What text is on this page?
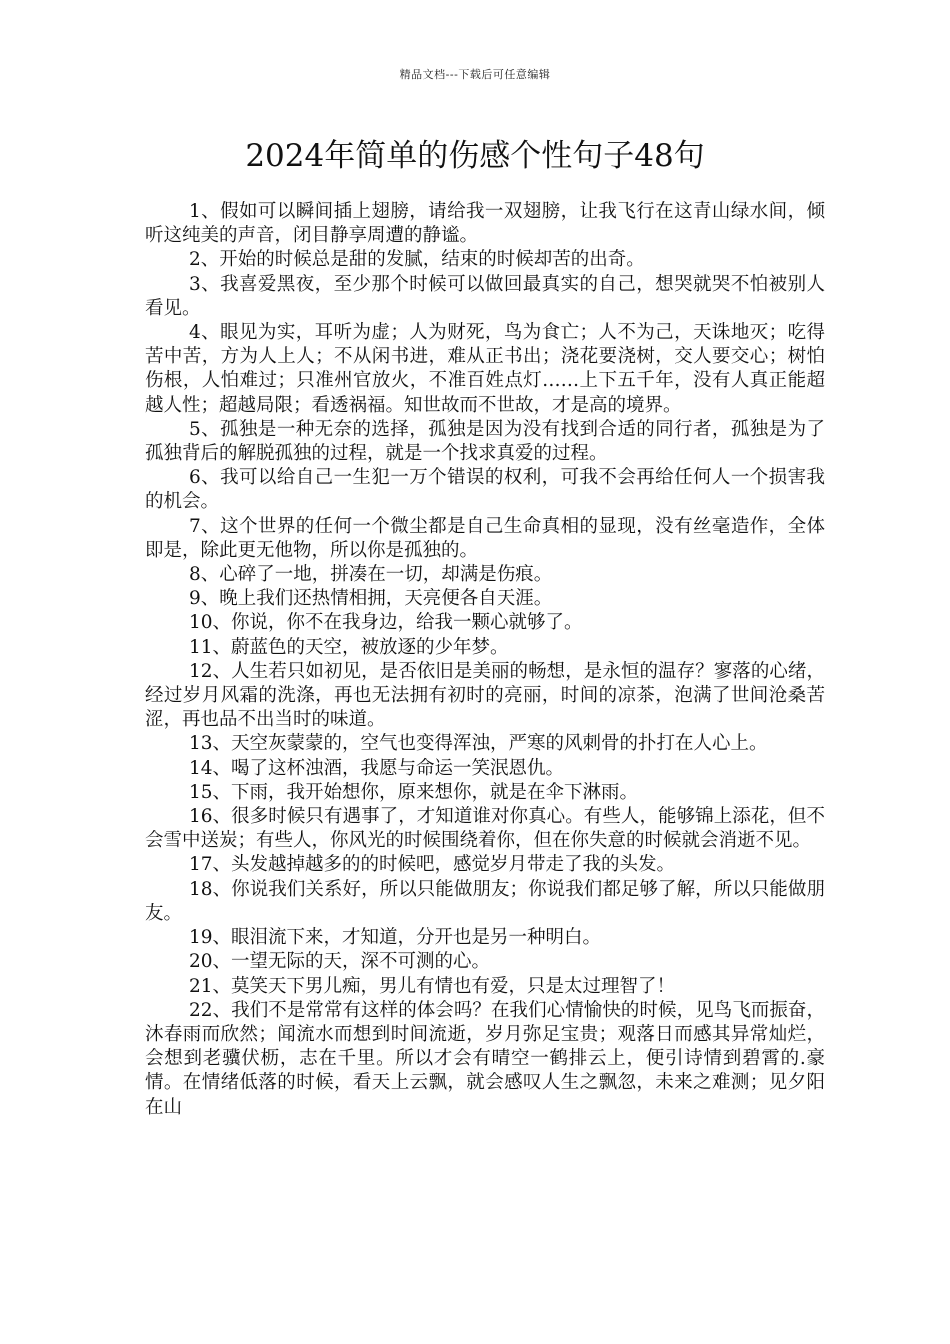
精品文档---下载后可任意编辑
2024年简单的伤感个性句子48句

1、假如可以瞬间插上翅膀，请给我一双翅膀，让我飞行在这青山绿水间，倾听这纯美的声音，闭目静享周遭的静谧。

2、开始的时候总是甜的发腻，结束的时候却苦的出奇。

3、我喜爱黑夜，至少那个时候可以做回最真实的自己，想哭就哭不怕被别人看见。

4、眼见为实，耳听为虚；人为财死，鸟为食亡；人不为己，天诛地灭；吃得苦中苦，方为人上人；不从闲书进，难从正书出；浇花要浇树，交人要交心；树怕伤根，人怕难过；只准州官放火，不准百姓点灯……上下五千年，没有人真正能超越人性；超越局限；看透祸福。知世故而不世故，才是高的境界。

5、孤独是一种无奈的选择，孤独是因为没有找到合适的同行者，孤独是为了孤独背后的解脱孤独的过程，就是一个找求真爱的过程。

6、我可以给自己一生犯一万个错误的权利，可我不会再给任何人一个损害我的机会。

7、这个世界的任何一个微尘都是自己生命真相的显现，没有丝毫造作，全体即是，除此更无他物，所以你是孤独的。

8、心碎了一地，拼凑在一切，却满是伤痕。

9、晚上我们还热情相拥，天亮便各自天涯。

10、你说，你不在我身边，给我一颗心就够了。

11、蔚蓝色的天空，被放逐的少年梦。

12、人生若只如初见，是否依旧是美丽的畅想，是永恒的温存？寥落的心绪，经过岁月风霜的洗涤，再也无法拥有初时的亮丽，时间的凉茶，泡满了世间沧桑苦涩，再也品不出当时的味道。

13、天空灰蒙蒙的，空气也变得浑浊，严寒的风刺骨的扑打在人心上。

14、喝了这杯浊酒，我愿与命运一笑泯恩仇。

15、下雨，我开始想你，原来想你，就是在伞下淋雨。

16、很多时候只有遇事了，才知道谁对你真心。有些人，能够锦上添花，但不会雪中送炭；有些人，你风光的时候围绕着你，但在你失意的时候就会消逝不见。

17、头发越掉越多的的时候吧，感觉岁月带走了我的头发。

18、你说我们关系好，所以只能做朋友；你说我们都足够了解，所以只能做朋友。

19、眼泪流下来，才知道，分开也是另一种明白。

20、一望无际的天，深不可测的心。

21、莫笑天下男儿痴，男儿有情也有爱，只是太过理智了！

22、我们不是常常有这样的体会吗？在我们心情愉快的时候，见鸟飞而振奋，沐春雨而欣然；闻流水而想到时间流逝，岁月弥足宝贵；观落日而感其异常灿烂，会想到老骥伏枥，志在千里。所以才会有晴空一鹤排云上，便引诗情到碧霄的.豪情。在情绪低落的时候，看天上云飘，就会感叹人生之飘忽，未来之难测；见夕阳在山
